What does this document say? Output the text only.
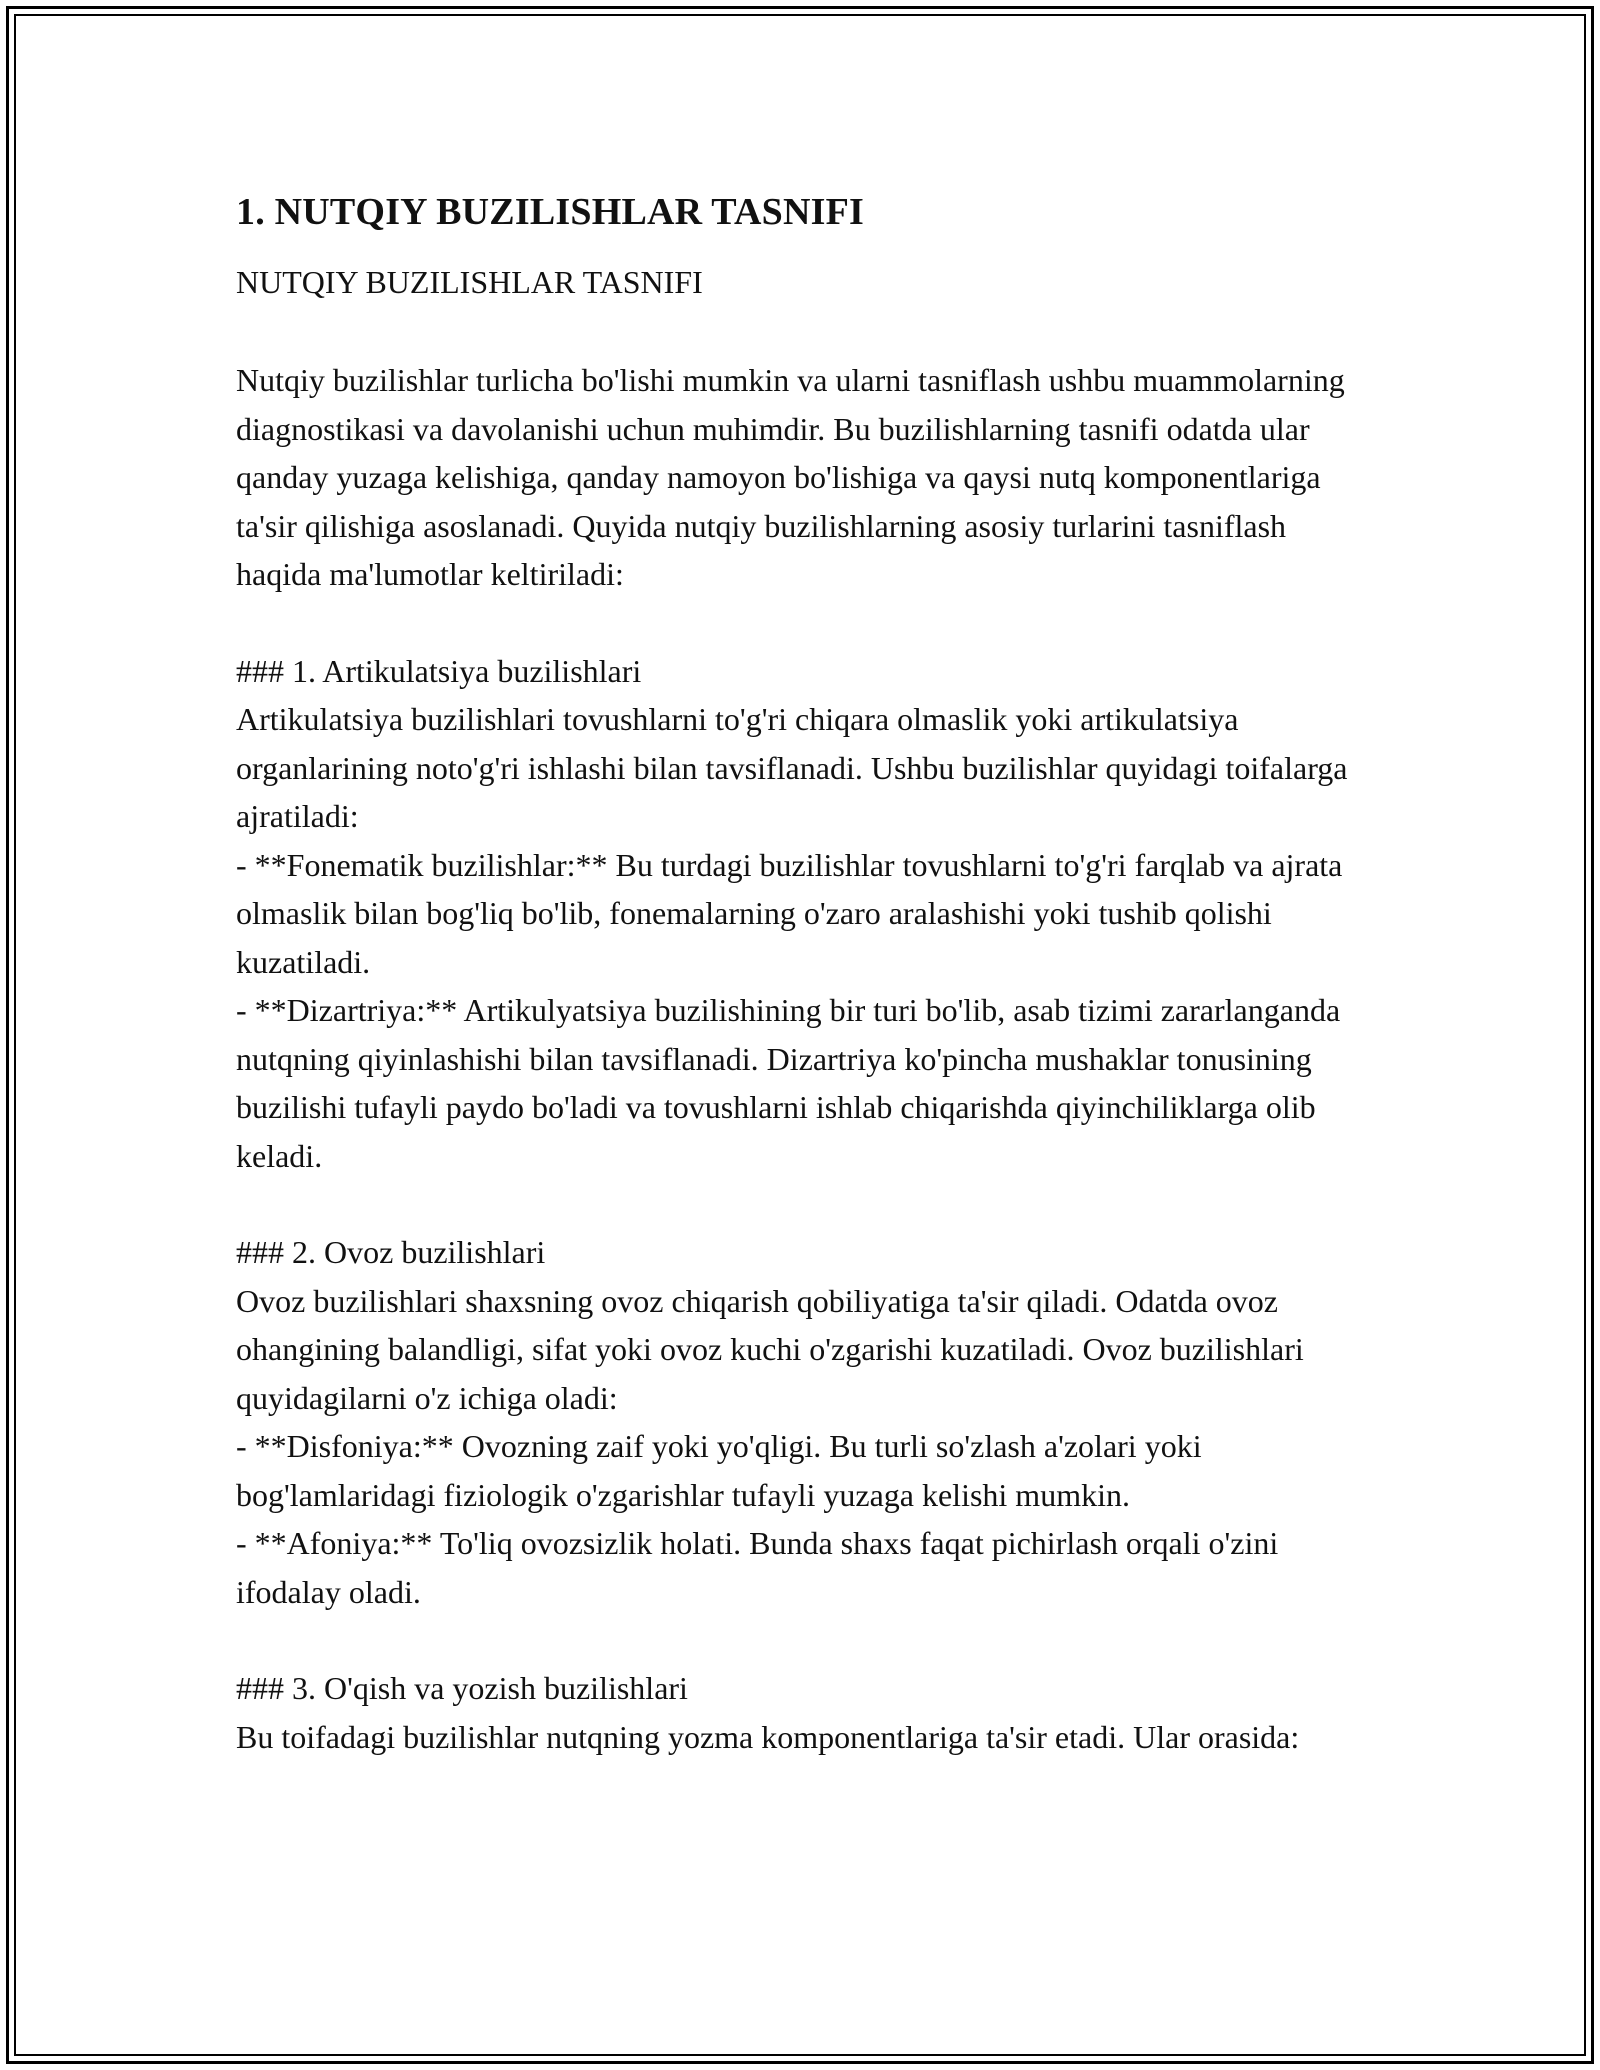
1. NUTQIY BUZILISHLAR TASNIFI

NUTQIY BUZILISHLAR TASNIFI

Nutqiy buzilishlar turlicha bo'lishi mumkin va ularni tasniflash ushbu muammolarning diagnostikasi va davolanishi uchun muhimdir. Bu buzilishlarning tasnifi odatda ular qanday yuzaga kelishiga, qanday namoyon bo'lishiga va qaysi nutq komponentlariga ta'sir qilishiga asoslanadi. Quyida nutqiy buzilishlarning asosiy turlarini tasniflash haqida ma'lumotlar keltiriladi:

### 1. Artikulatsiya buzilishlari

Artikulatsiya buzilishlari tovushlarni to'g'ri chiqara olmaslik yoki artikulatsiya organlarining noto'g'ri ishlashi bilan tavsiflanadi. Ushbu buzilishlar quyidagi toifalarga ajratiladi:

- **Fonematik buzilishlar:** Bu turdagi buzilishlar tovushlarni to'g'ri farqlab va ajrata olmaslik bilan bog'liq bo'lib, fonemalarning o'zaro aralashishi yoki tushib qolishi kuzatiladi.

- **Dizartriya:** Artikulyatsiya buzilishining bir turi bo'lib, asab tizimi zararlanganda nutqning qiyinlashishi bilan tavsiflanadi. Dizartriya ko'pincha mushaklar tonusining buzilishi tufayli paydo bo'ladi va tovushlarni ishlab chiqarishda qiyinchiliklarga olib keladi.

### 2. Ovoz buzilishlari

Ovoz buzilishlari shaxsning ovoz chiqarish qobiliyatiga ta'sir qiladi. Odatda ovoz ohangining balandligi, sifat yoki ovoz kuchi o'zgarishi kuzatiladi. Ovoz buzilishlari quyidagilarni o'z ichiga oladi:

- **Disfoniya:** Ovozning zaif yoki yo'qligi. Bu turli so'zlash a'zolari yoki bog'lamlaridagi fiziologik o'zgarishlar tufayli yuzaga kelishi mumkin.

- **Afoniya:** To'liq ovozsizlik holati. Bunda shaxs faqat pichirlash orqali o'zini ifodalay oladi.

### 3. O'qish va yozish buzilishlari

Bu toifadagi buzilishlar nutqning yozma komponentlariga ta'sir etadi. Ular orasida:
